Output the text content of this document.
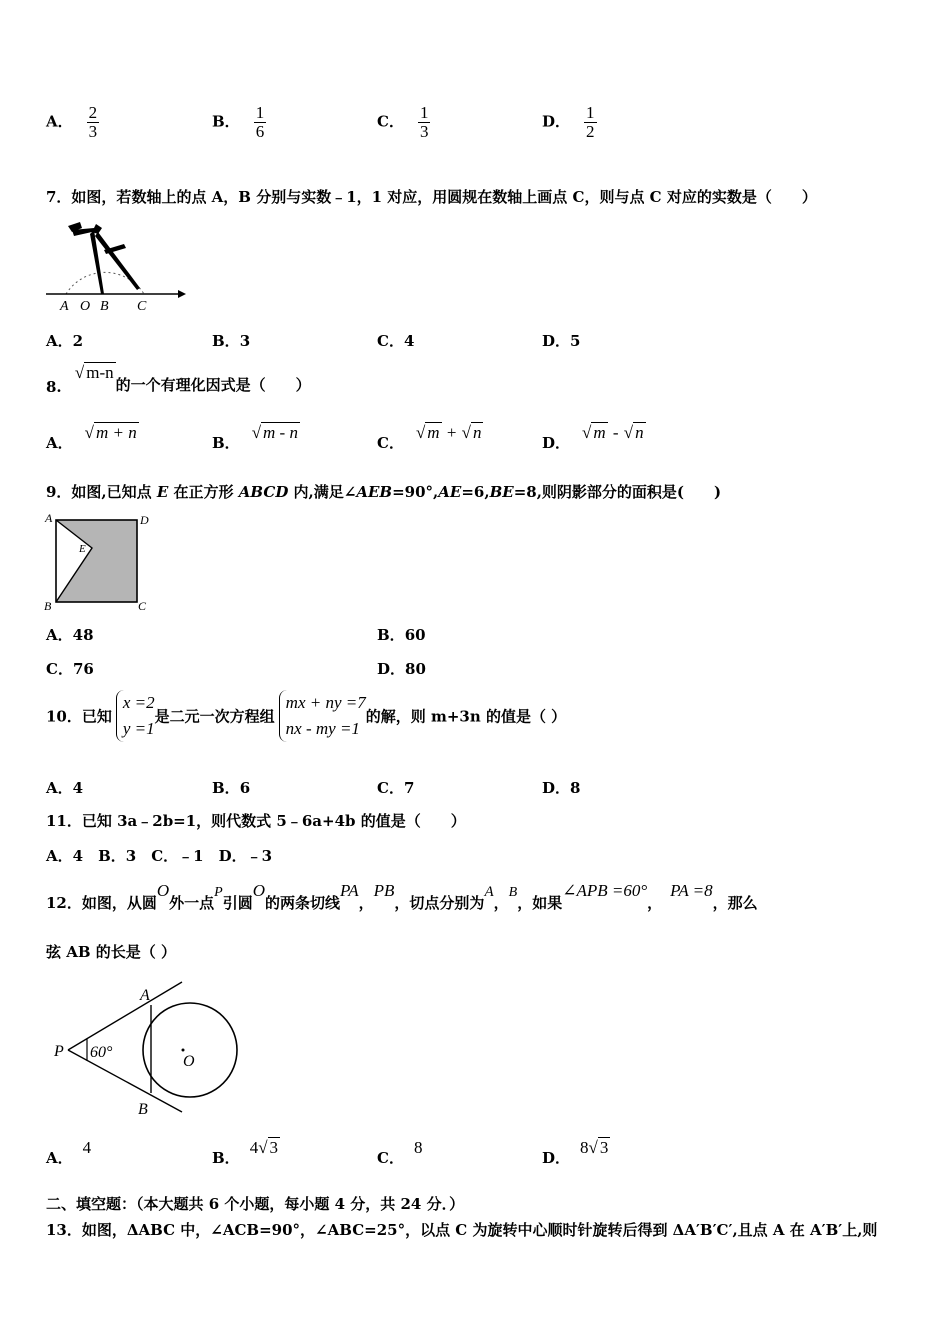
A． $\frac{2}{3}$	B． $\frac{1}{6}$	C． $\frac{1}{3}$	D． $\frac{1}{2}$
7．如图，若数轴上的点 A，B 分别与实数﹣1，1 对应，用圆规在数轴上画点 C，则与点 C 对应的实数是（　　）
A O B C
A．2	B．3	C．4	D．5
8. √ m-n的一个有理化因式是（　　）
A．√ m + n
B．√ m - n
C．√ m + √ n
D．√ m - √ n
9．如图,已知点 E 在正方形 ABCD 内,满足∠AEB=90°,AE=6,BE=8,则阴影部分的面积是(　　)
A	D
B	C
E
A．48	B．60
C．76	D．80
10．已知
x =2
y =1
是二元一次方程组
mx + ny =7
nx - my =1
的解，则 m+3n 的值是（ ）
A．4	B．6	C．7	D．8
11．已知 3a﹣2b=1，则代数式 5﹣6a+4b 的值是（　　）
A．4　B．3　C．﹣1　D．﹣3
12．如图，从圆O外一点P引圆O的两条切线PA，PB，切点分别为A，B，如果∠APB =60°，PA =8，那么
弦 AB 的长是（ ）
A
B
P
O
60°
A．4
B．4√ 3
C．8
D．8√ 3
二、填空题：（本大题共 6 个小题，每小题 4 分，共 24 分．）
13．如图，ΔABC 中，∠ACB=90°，∠ABC=25°，以点 C 为旋转中心顺时针旋转后得到 ΔA′B′C′,且点 A 在 A′B′上,则
